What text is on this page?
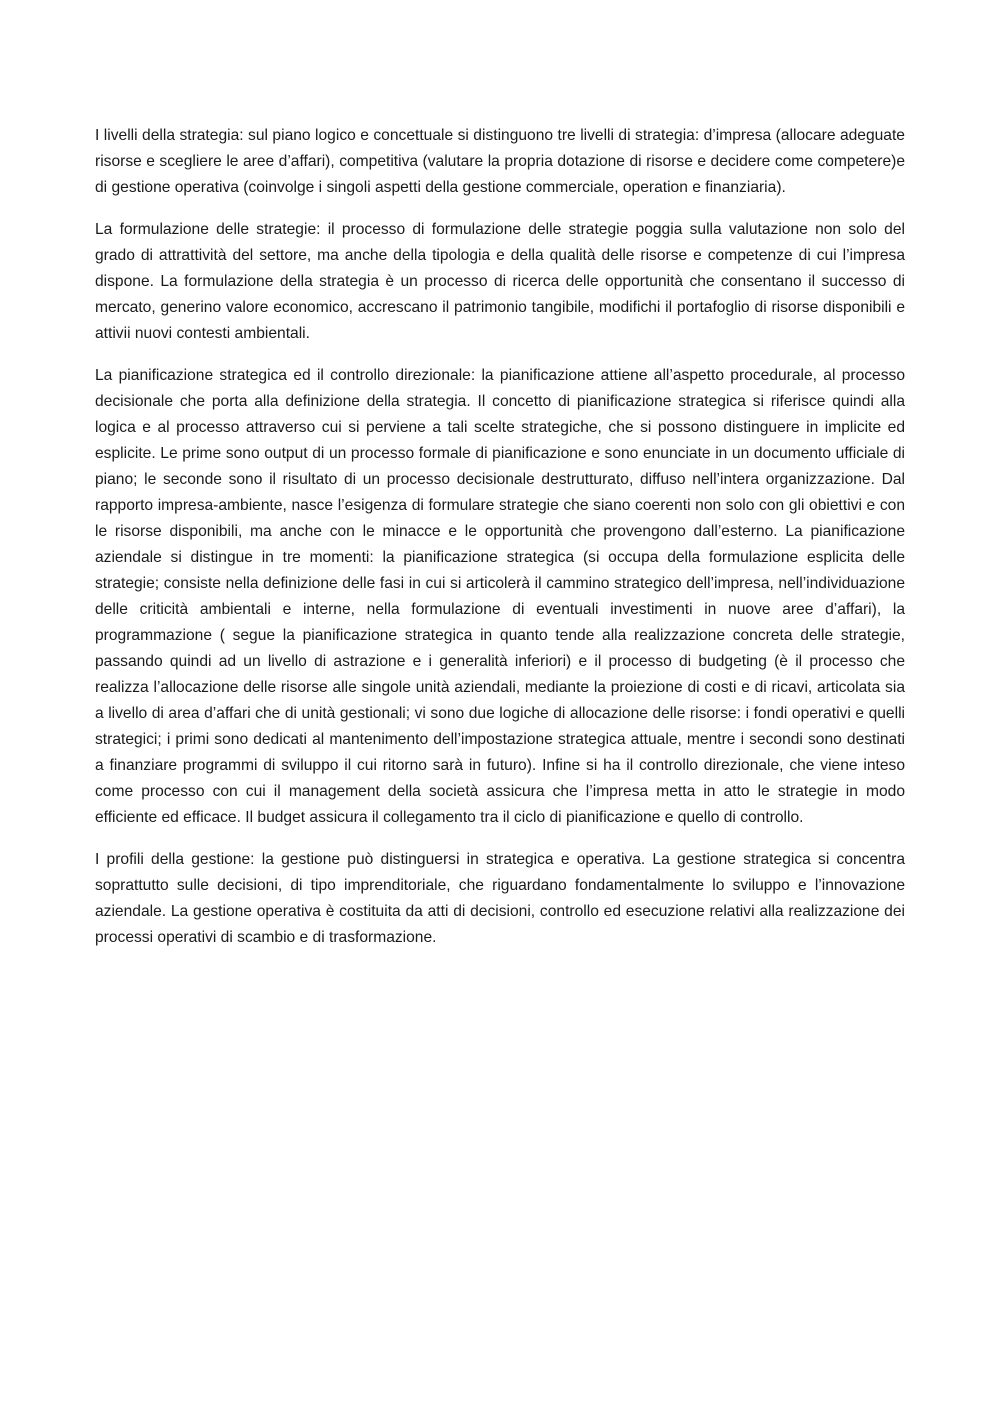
I livelli della strategia: sul piano logico e concettuale si distinguono tre livelli di strategia: d’impresa (allocare adeguate risorse e scegliere le aree d’affari), competitiva (valutare la propria dotazione di risorse e decidere come competere)e di gestione operativa (coinvolge i singoli aspetti della gestione commerciale, operation e finanziaria).

La formulazione delle strategie: il processo di formulazione delle strategie poggia sulla valutazione non solo del grado di attrattività del settore, ma anche della tipologia e della qualità delle risorse e competenze di cui l’impresa dispone. La formulazione della strategia è un processo di ricerca delle opportunità che consentano il successo di mercato, generino valore economico, accrescano il patrimonio tangibile, modifichi il portafoglio di risorse disponibili e attivii nuovi contesti ambientali.

La pianificazione strategica ed il controllo direzionale: la pianificazione attiene all’aspetto procedurale, al processo decisionale che porta alla definizione della strategia. Il concetto di pianificazione strategica si riferisce quindi alla logica e al processo attraverso cui si perviene a tali scelte strategiche, che si possono distinguere in implicite ed esplicite. Le prime sono output di un processo formale di pianificazione e sono enunciate in un documento ufficiale di piano; le seconde sono il risultato di un processo decisionale destrutturato, diffuso nell’intera organizzazione. Dal rapporto impresa-ambiente, nasce l’esigenza di formulare strategie che siano coerenti non solo con gli obiettivi e con le risorse disponibili, ma anche con le minacce e le opportunità che provengono dall’esterno. La pianificazione aziendale si distingue in tre momenti: la pianificazione strategica (si occupa della formulazione esplicita delle strategie; consiste nella definizione delle fasi in cui si articolerà il cammino strategico dell’impresa, nell’individuazione delle criticità ambientali e interne, nella formulazione di eventuali investimenti in nuove aree d’affari), la programmazione ( segue la pianificazione strategica in quanto tende alla realizzazione concreta delle strategie, passando quindi ad un livello di astrazione e i generalità inferiori) e il processo di budgeting (è il processo che realizza l’allocazione delle risorse alle singole unità aziendali, mediante la proiezione di costi e di ricavi, articolata sia a livello di area d’affari che di unità gestionali; vi sono due logiche di allocazione delle risorse: i fondi operativi e quelli strategici; i primi sono dedicati al mantenimento dell’impostazione strategica attuale, mentre i secondi sono destinati a finanziare programmi di sviluppo il cui ritorno sarà in futuro). Infine si ha il controllo direzionale, che viene inteso come processo con cui il management della società assicura che l’impresa metta in atto le strategie in modo efficiente ed efficace. Il budget assicura il collegamento tra il ciclo di pianificazione e quello di controllo.

I profili della gestione: la gestione può distinguersi in strategica e operativa. La gestione strategica si concentra soprattutto sulle decisioni, di tipo imprenditoriale, che riguardano fondamentalmente lo sviluppo e l’innovazione aziendale. La gestione operativa è costituita da atti di decisioni, controllo ed esecuzione relativi alla realizzazione dei processi operativi di scambio e di trasformazione.
